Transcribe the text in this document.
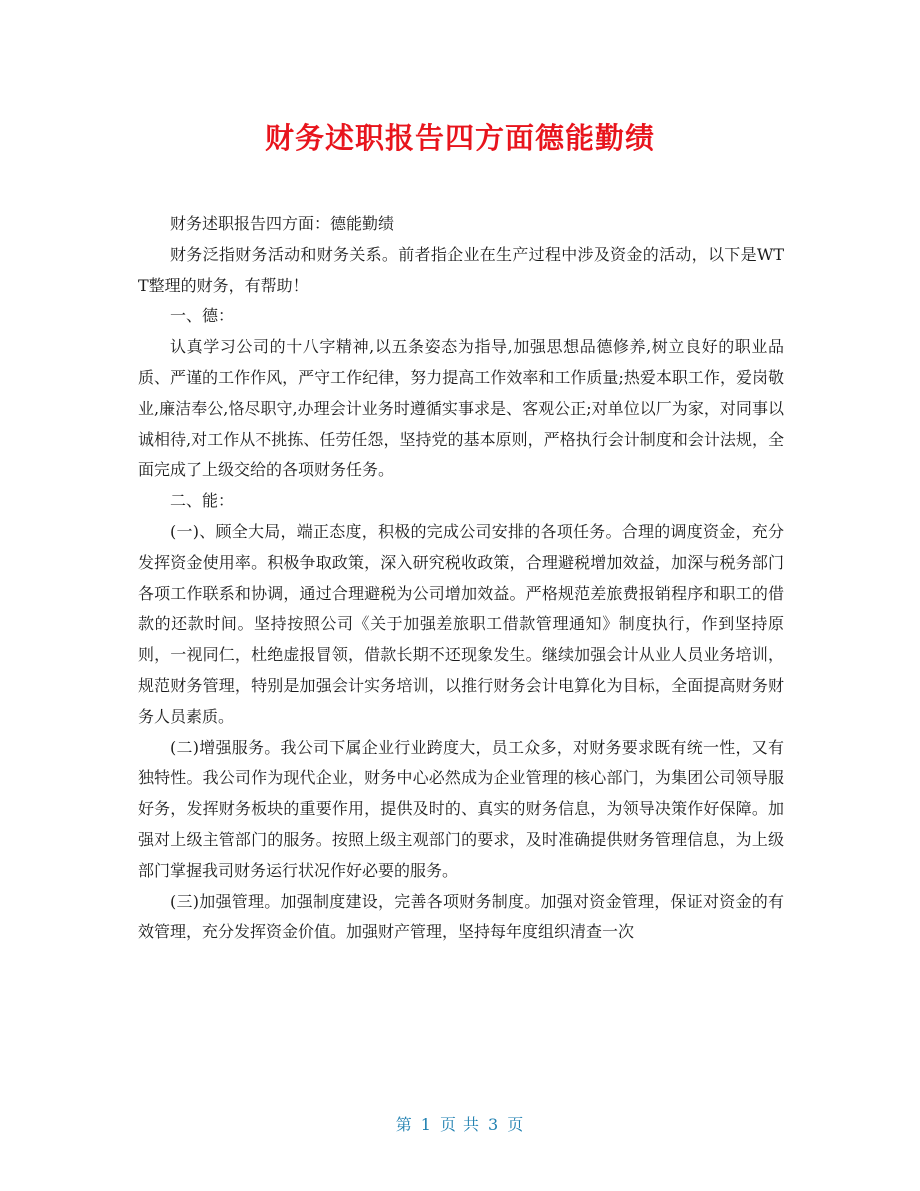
财务述职报告四方面德能勤绩

财务述职报告四方面：德能勤绩

财务泛指财务活动和财务关系。前者指企业在生产过程中涉及资金的活动，以下是WTT整理的财务，有帮助！

一、德：

认真学习公司的十八字精神,以五条姿态为指导,加强思想品德修养,树立良好的职业品质、严谨的工作作风，严守工作纪律，努力提高工作效率和工作质量;热爱本职工作，爱岗敬业,廉洁奉公,恪尽职守,办理会计业务时遵循实事求是、客观公正;对单位以厂为家，对同事以诚相待,对工作从不挑拣、任劳任怨，坚持党的基本原则，严格执行会计制度和会计法规，全面完成了上级交给的各项财务任务。

二、能：

(一)、顾全大局，端正态度，积极的完成公司安排的各项任务。合理的调度资金，充分发挥资金使用率。积极争取政策，深入研究税收政策，合理避税增加效益，加深与税务部门各项工作联系和协调，通过合理避税为公司增加效益。严格规范差旅费报销程序和职工的借款的还款时间。坚持按照公司《关于加强差旅职工借款管理通知》制度执行，作到坚持原则，一视同仁，杜绝虚报冒领，借款长期不还现象发生。继续加强会计从业人员业务培训，规范财务管理，特别是加强会计实务培训，以推行财务会计电算化为目标，全面提高财务财务人员素质。

(二)增强服务。我公司下属企业行业跨度大，员工众多，对财务要求既有统一性，又有独特性。我公司作为现代企业，财务中心必然成为企业管理的核心部门，为集团公司领导服好务，发挥财务板块的重要作用，提供及时的、真实的财务信息，为领导决策作好保障。加强对上级主管部门的服务。按照上级主观部门的要求，及时准确提供财务管理信息，为上级部门掌握我司财务运行状况作好必要的服务。

(三)加强管理。加强制度建设，完善各项财务制度。加强对资金管理，保证对资金的有效管理，充分发挥资金价值。加强财产管理，坚持每年度组织清查一次

第 1 页 共 3 页
